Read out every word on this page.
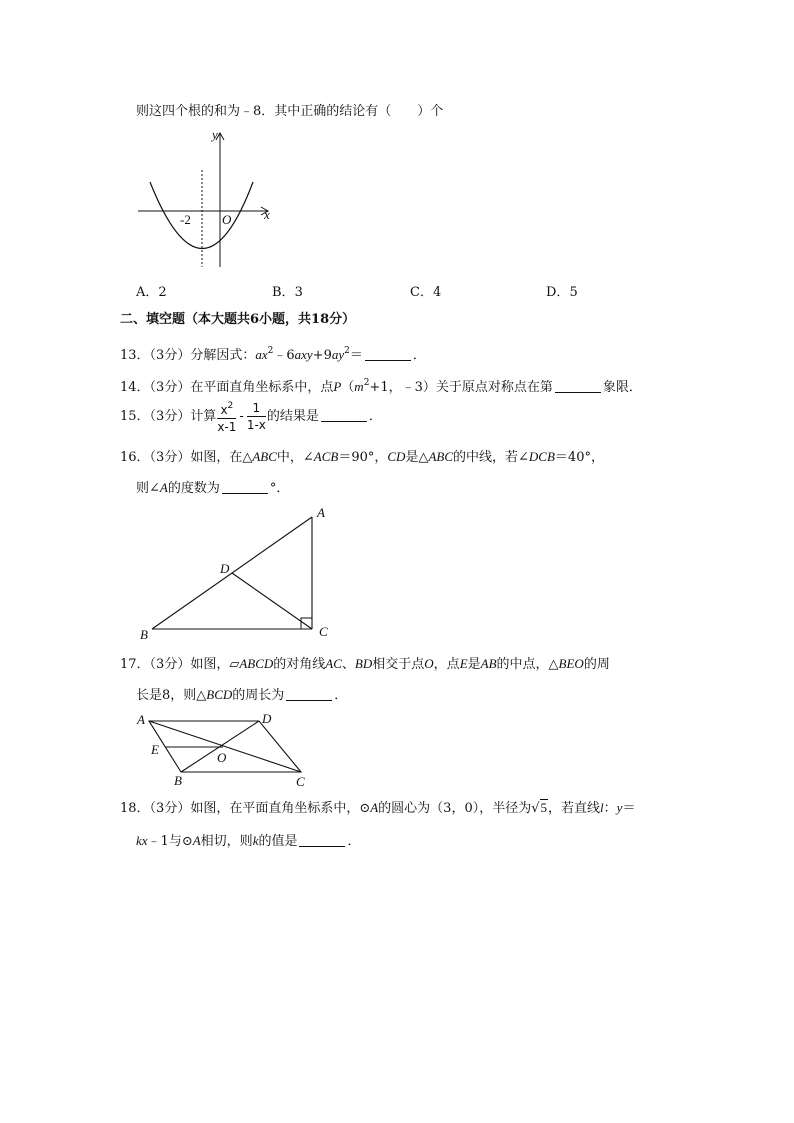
则这四个根的和为﹣8．其中正确的结论有（　　）个
y
x
-2 O
A．2	B．3	C．4	D．5
二、填空题（本大题共6小题，共18分）
13．（3分）分解因式：$ax^2﹣6axy+9ay^2=$	．
14．（3分）在平面直角坐标系中，点$P(m^2+1$，﹣3）关于原点对称点在第	象限．
15．（3分）计算 $\frac{x^2}{x-1} - \frac{1}{1-x}$ 的结果是	．
16．（3分）如图，在△ABC中，∠ACB＝90°，CD是△ABC的中线，若∠DCB＝40°，
则∠A的度数为	°．
A
B	C
D
17．（3分）如图，▱ABCD的对角线AC、BD相交于点O，点E是AB的中点，△BEO的周
长是8，则△BCD的周长为	．
A	D
E
O
B	C
18．（3分）如图，在平面直角坐标系中，⊙A的圆心为（3，0），半径为√5，若直线l：y＝
kx﹣1与⊙A相切，则k的值是	．
